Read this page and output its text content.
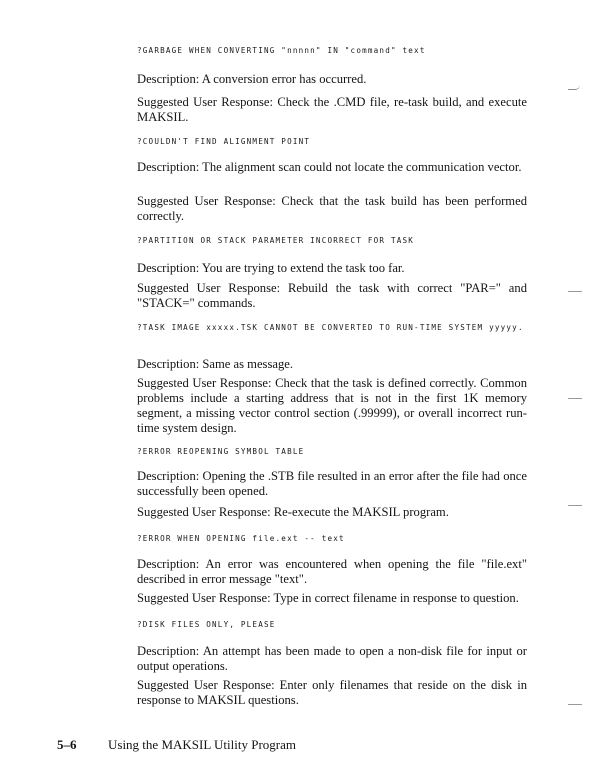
?GARBAGE WHEN CONVERTING "nnnnn" IN "command" text
Description: A conversion error has occurred.
Suggested User Response: Check the .CMD file, re-task build, and execute MAKSIL.
?COULDN'T FIND ALIGNMENT POINT
Description: The alignment scan could not locate the communication vector.
Suggested User Response: Check that the task build has been performed correctly.
?PARTITION OR STACK PARAMETER INCORRECT FOR TASK
Description: You are trying to extend the task too far.
Suggested User Response: Rebuild the task with correct "PAR=" and "STACK=" commands.
?TASK IMAGE xxxxx.TSK CANNOT BE CONVERTED TO RUN-TIME SYSTEM yyyyy.
Description: Same as message.
Suggested User Response: Check that the task is defined correctly. Common problems include a starting address that is not in the first 1K memory segment, a missing vector control section (.99999), or overall incorrect run-time system design.
?ERROR REOPENING SYMBOL TABLE
Description: Opening the .STB file resulted in an error after the file had once successfully been opened.
Suggested User Response: Re-execute the MAKSIL program.
?ERROR WHEN OPENING file.ext -- text
Description: An error was encountered when opening the file "file.ext" described in error message "text".
Suggested User Response: Type in correct filename in response to question.
?DISK FILES ONLY, PLEASE
Description: An attempt has been made to open a non-disk file for input or output operations.
Suggested User Response: Enter only filenames that reside on the disk in response to MAKSIL questions.
5–6 Using the MAKSIL Utility Program
